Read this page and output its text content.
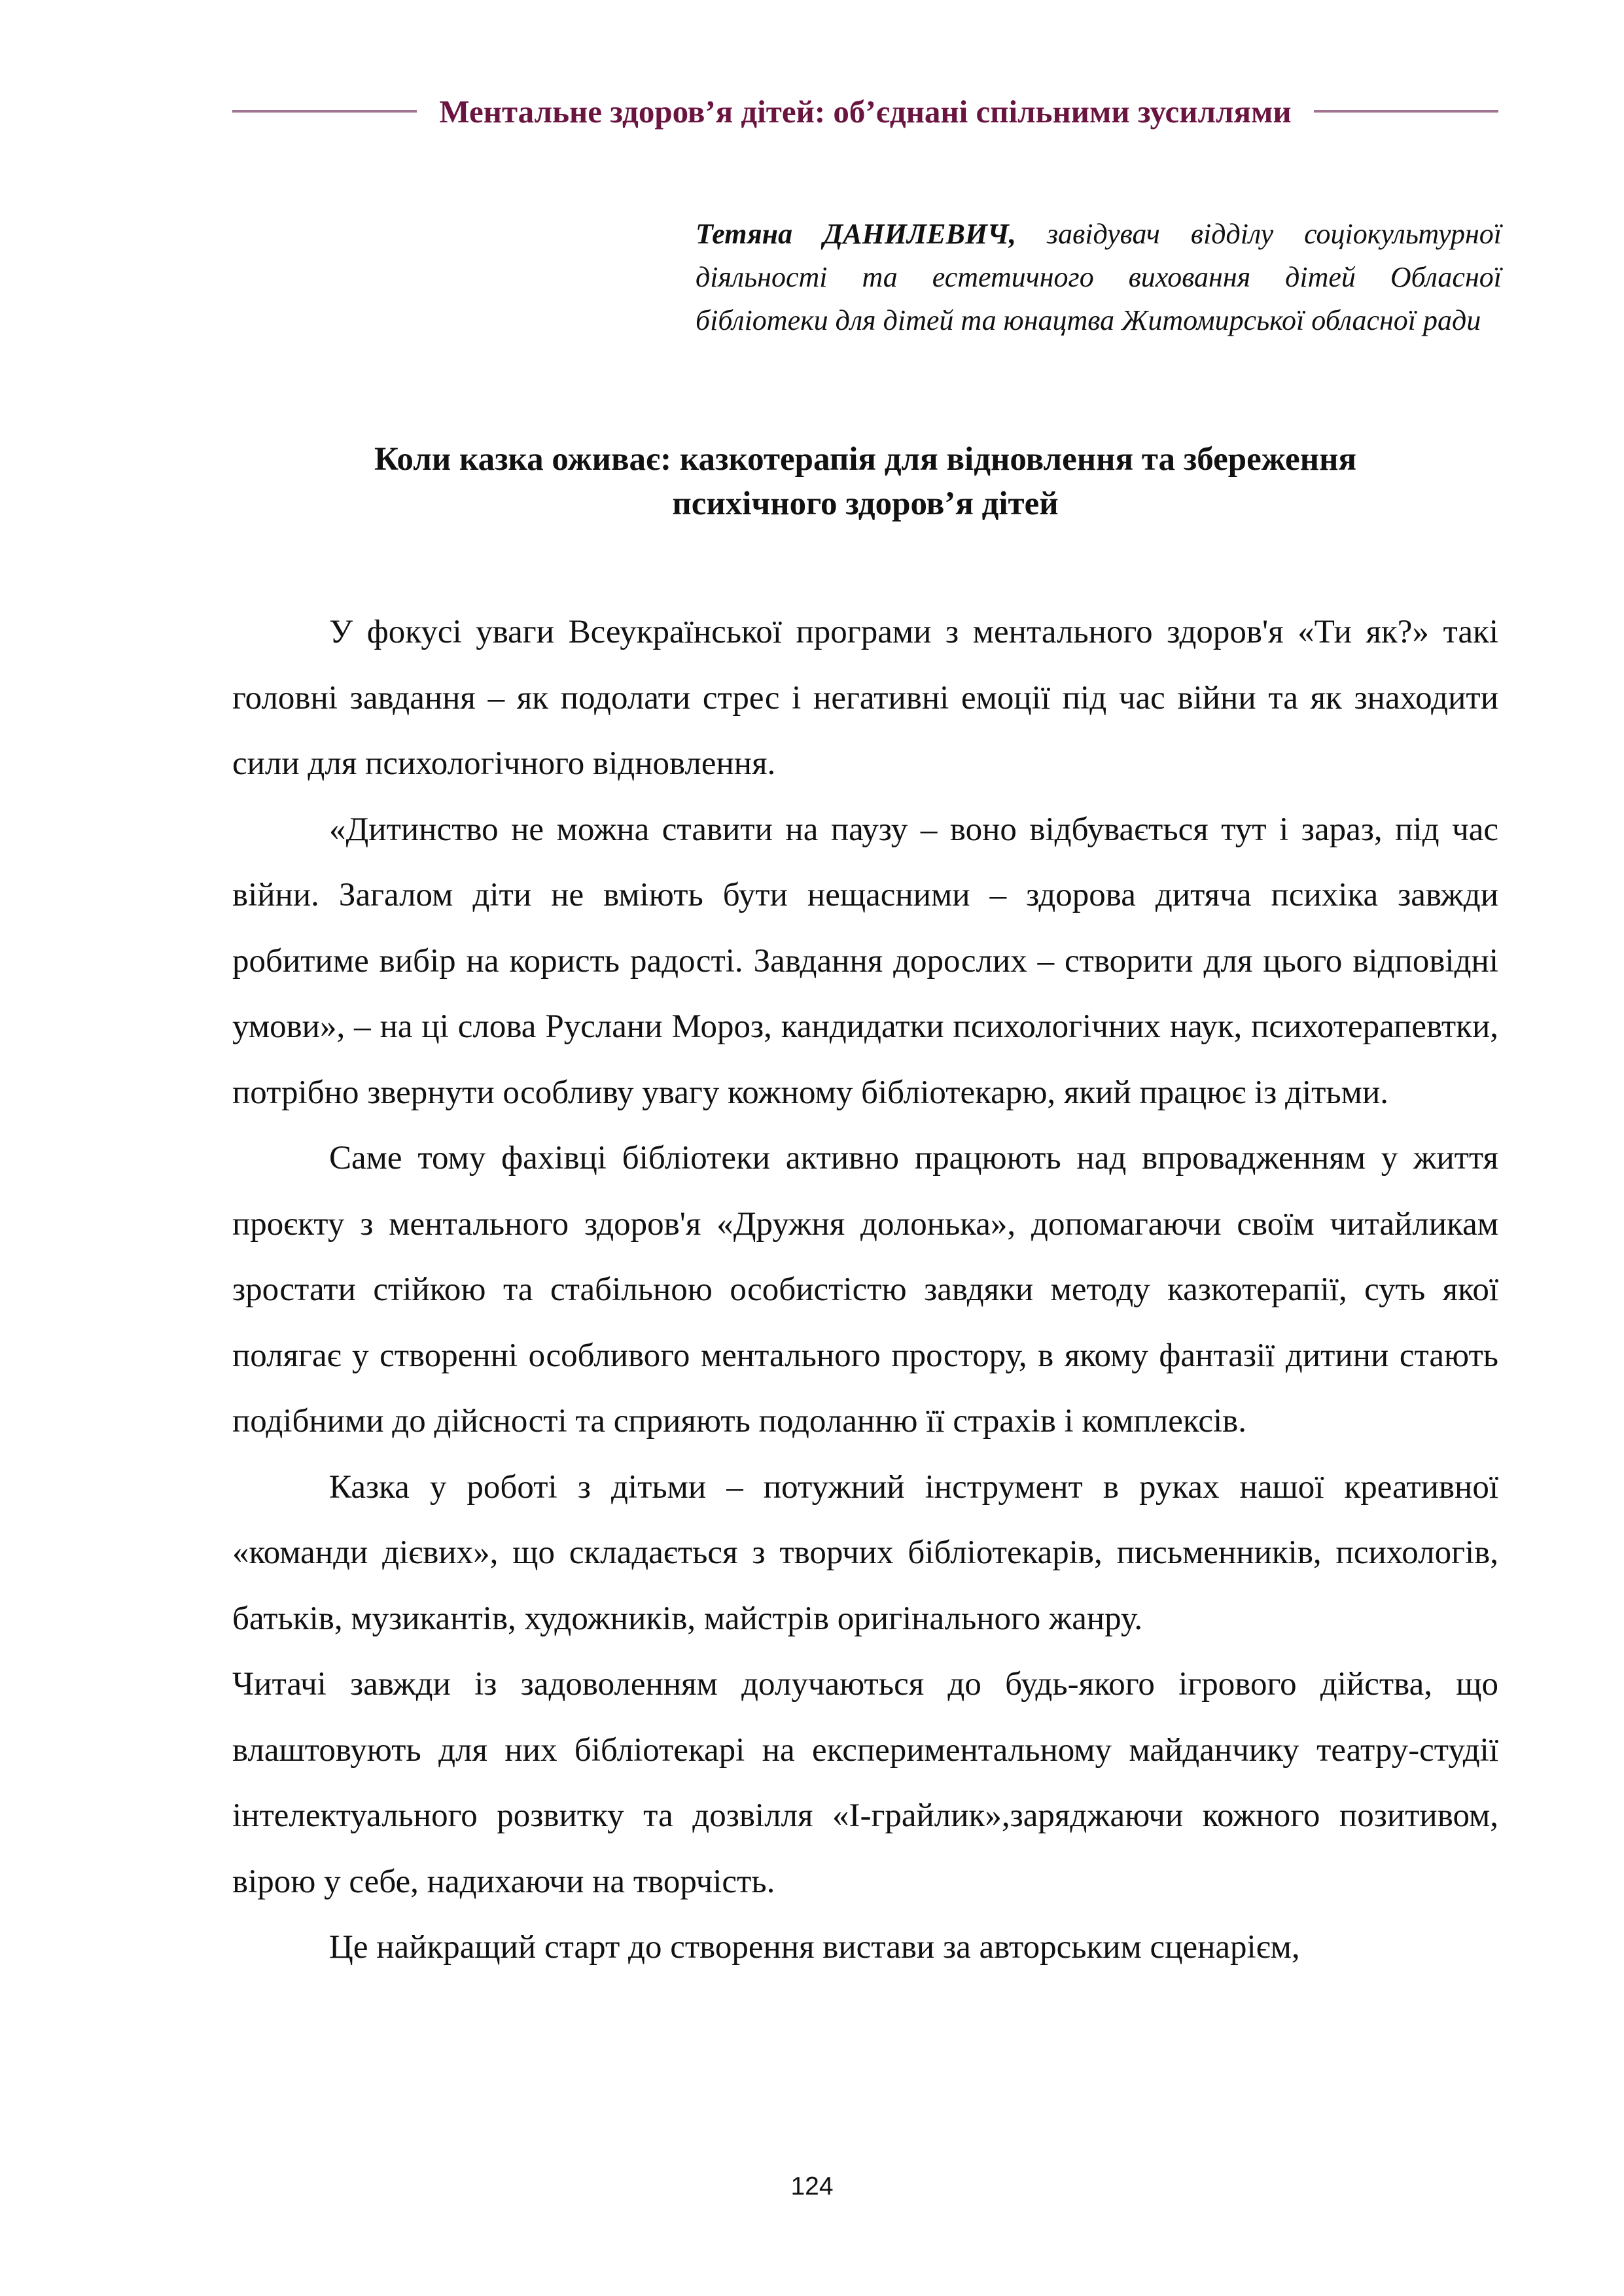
Ментальне здоров’я дітей: об’єднані спільними зусиллями
Тетяна ДАНИЛЕВИЧ, завідувач відділу соціокультурної діяльності та естетичного виховання дітей Обласної бібліотеки для дітей та юнацтва Житомирської обласної ради
Коли казка оживає: казкотерапія для відновлення та збереження
психічного здоров’я дітей

У фокусі уваги Всеукраїнської програми з ментального здоров'я «Ти як?» такі головні завдання – як подолати стрес і негативні емоції під час війни та як знаходити сили для психологічного відновлення.

«Дитинство не можна ставити на паузу – воно відбувається тут і зараз, під час війни. Загалом діти не вміють бути нещасними – здорова дитяча психіка завжди робитиме вибір на користь радості. Завдання дорослих – створити для цього відповідні умови», – на ці слова Руслани Мороз, кандидатки психологічних наук, психотерапевтки, потрібно звернути особливу увагу кожному бібліотекарю, який працює із дітьми.

Саме тому фахівці бібліотеки активно працюють над впровадженням у життя проєкту з ментального здоров'я «Дружня долонька», допомагаючи своїм читайликам зростати стійкою та стабільною особистістю завдяки методу казкотерапії, суть якої полягає у створенні особливого ментального простору, в якому фантазії дитини стають подібними до дійсності та сприяють подоланню її страхів і комплексів.

Казка у роботі з дітьми – потужний інструмент в руках нашої креативної «команди дієвих», що складається з творчих бібліотекарів, письменників, психологів, батьків, музикантів, художників, майстрів оригінального жанру.

Читачі завжди із задоволенням долучаються до будь-якого ігрового дійства, що влаштовують для них бібліотекарі на експериментальному майданчику театру-студії інтелектуального розвитку та дозвілля «І-грайлик»,заряджаючи кожного позитивом, вірою у себе, надихаючи на творчість.

Це найкращий старт до створення вистави за авторським сценарієм,

124
